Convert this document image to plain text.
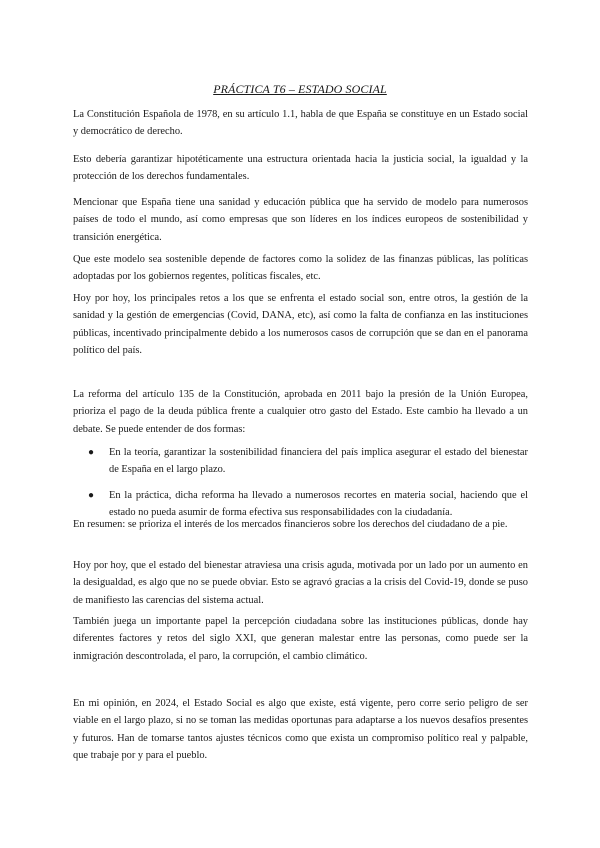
PRÁCTICA T6 – ESTADO SOCIAL

La Constitución Española de 1978, en su artículo 1.1, habla de que España se constituye en un Estado social y democrático de derecho.

Esto debería garantizar hipotéticamente una estructura orientada hacia la justicia social, la igualdad y la protección de los derechos fundamentales.

Mencionar que España tiene una sanidad y educación pública que ha servido de modelo para numerosos países de todo el mundo, así como empresas que son líderes en los índices europeos de sostenibilidad y transición energética.

Que este modelo sea sostenible depende de factores como la solidez de las finanzas públicas, las políticas adoptadas por los gobiernos regentes, políticas fiscales, etc.

Hoy por hoy, los principales retos a los que se enfrenta el estado social son, entre otros, la gestión de la sanidad y la gestión de emergencias (Covid, DANA, etc), así como la falta de confianza en las instituciones públicas, incentivado principalmente debido a los numerosos casos de corrupción que se dan en el panorama político del país.

La reforma del artículo 135 de la Constitución, aprobada en 2011 bajo la presión de la Unión Europea, prioriza el pago de la deuda pública frente a cualquier otro gasto del Estado. Este cambio ha llevado a un debate. Se puede entender de dos formas:

● En la teoría, garantizar la sostenibilidad financiera del país implica asegurar el estado del bienestar de España en el largo plazo.
● En la práctica, dicha reforma ha llevado a numerosos recortes en materia social, haciendo que el estado no pueda asumir de forma efectiva sus responsabilidades con la ciudadanía.

En resumen: se prioriza el interés de los mercados financieros sobre los derechos del ciudadano de a pie.

Hoy por hoy, que el estado del bienestar atraviesa una crisis aguda, motivada por un lado por un aumento en la desigualdad, es algo que no se puede obviar. Esto se agravó gracias a la crisis del Covid-19, donde se puso de manifiesto las carencias del sistema actual.

También juega un importante papel la percepción ciudadana sobre las instituciones públicas, donde hay diferentes factores y retos del siglo XXI, que generan malestar entre las personas, como puede ser la inmigración descontrolada, el paro, la corrupción, el cambio climático.

En mi opinión, en 2024, el Estado Social es algo que existe, está vigente, pero corre serio peligro de ser viable en el largo plazo, si no se toman las medidas oportunas para adaptarse a los nuevos desafíos presentes y futuros. Han de tomarse tantos ajustes técnicos como que exista un compromiso político real y palpable, que trabaje por y para el pueblo.
